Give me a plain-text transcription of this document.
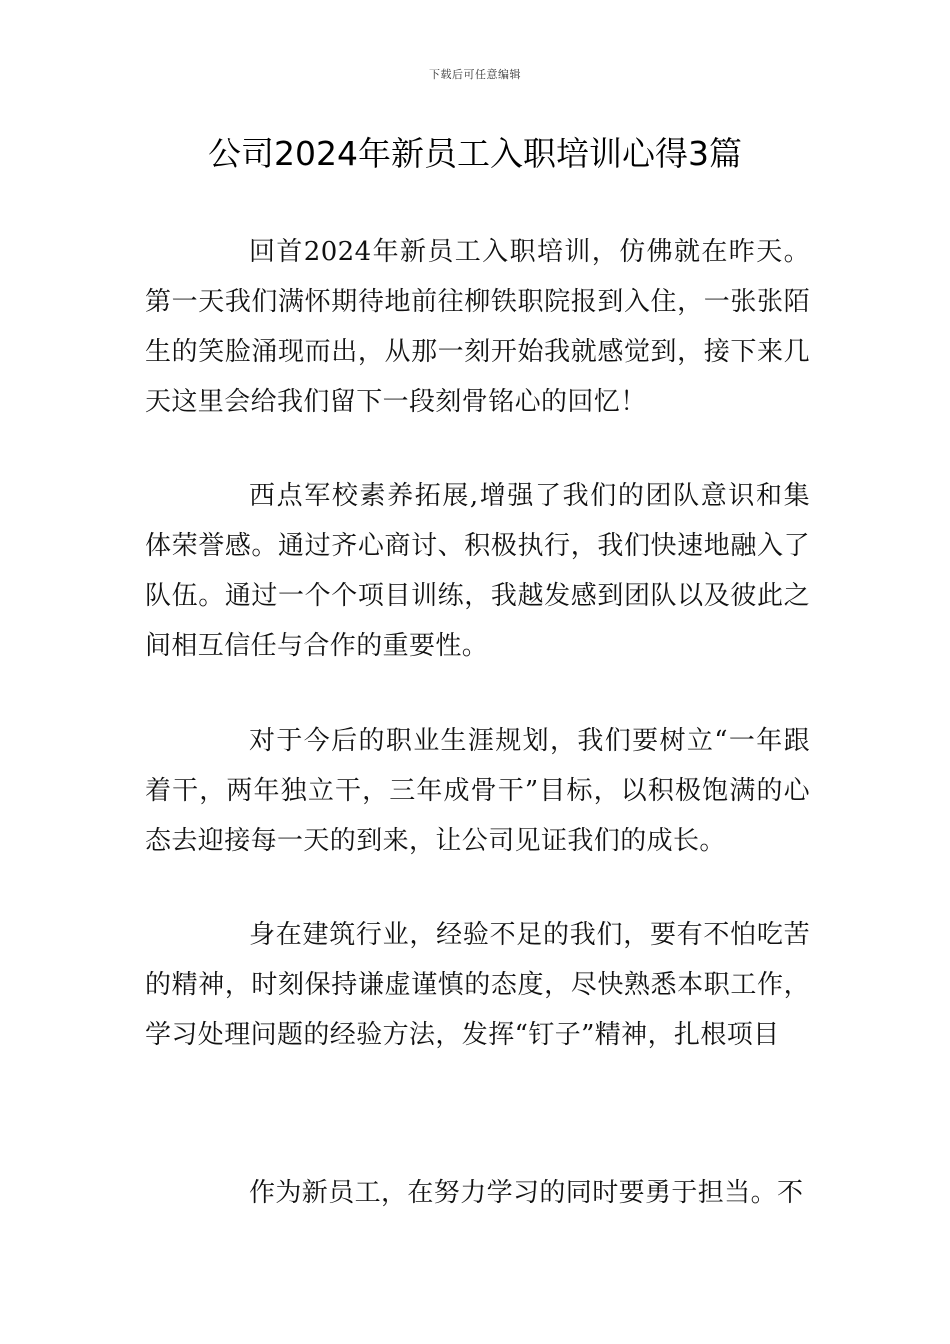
下载后可任意编辑
公司2024年新员工入职培训心得3篇

回首2024年新员工入职培训，仿佛就在昨天。第一天我们满怀期待地前往柳铁职院报到入住，一张张陌生的笑脸涌现而出，从那一刻开始我就感觉到，接下来几天这里会给我们留下一段刻骨铭心的回忆！

西点军校素养拓展,增强了我们的团队意识和集体荣誉感。通过齐心商讨、积极执行，我们快速地融入了队伍。通过一个个项目训练，我越发感到团队以及彼此之间相互信任与合作的重要性。

对于今后的职业生涯规划，我们要树立“一年跟着干，两年独立干，三年成骨干”目标，以积极饱满的心态去迎接每一天的到来，让公司见证我们的成长。

身在建筑行业，经验不足的我们，要有不怕吃苦的精神，时刻保持谦虚谨慎的态度，尽快熟悉本职工作，学习处理问题的经验方法，发挥“钉子”精神，扎根项目

作为新员工，在努力学习的同时要勇于担当。不
